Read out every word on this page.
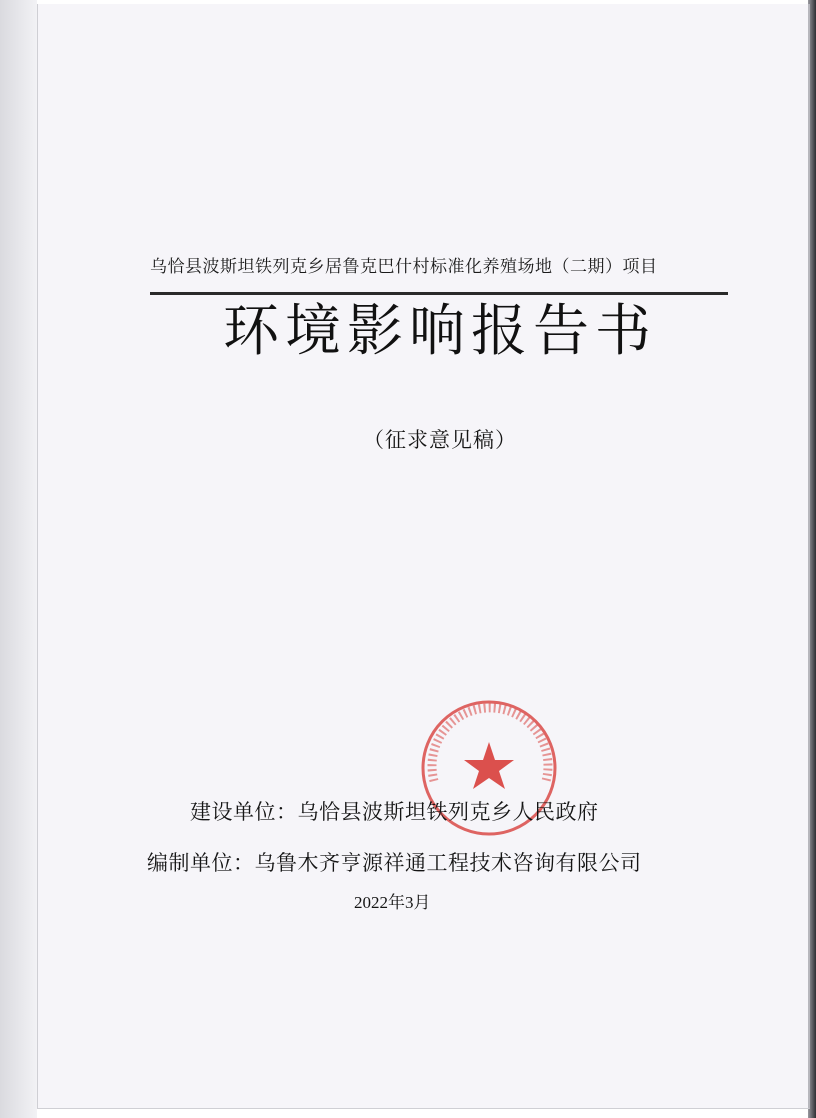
乌恰县波斯坦铁列克乡居鲁克巴什村标准化养殖场地（二期）项目
环境影响报告书
（征求意见稿）
建设单位：乌恰县波斯坦铁列克乡人民政府
编制单位：乌鲁木齐亨源祥通工程技术咨询有限公司
2022年3月
